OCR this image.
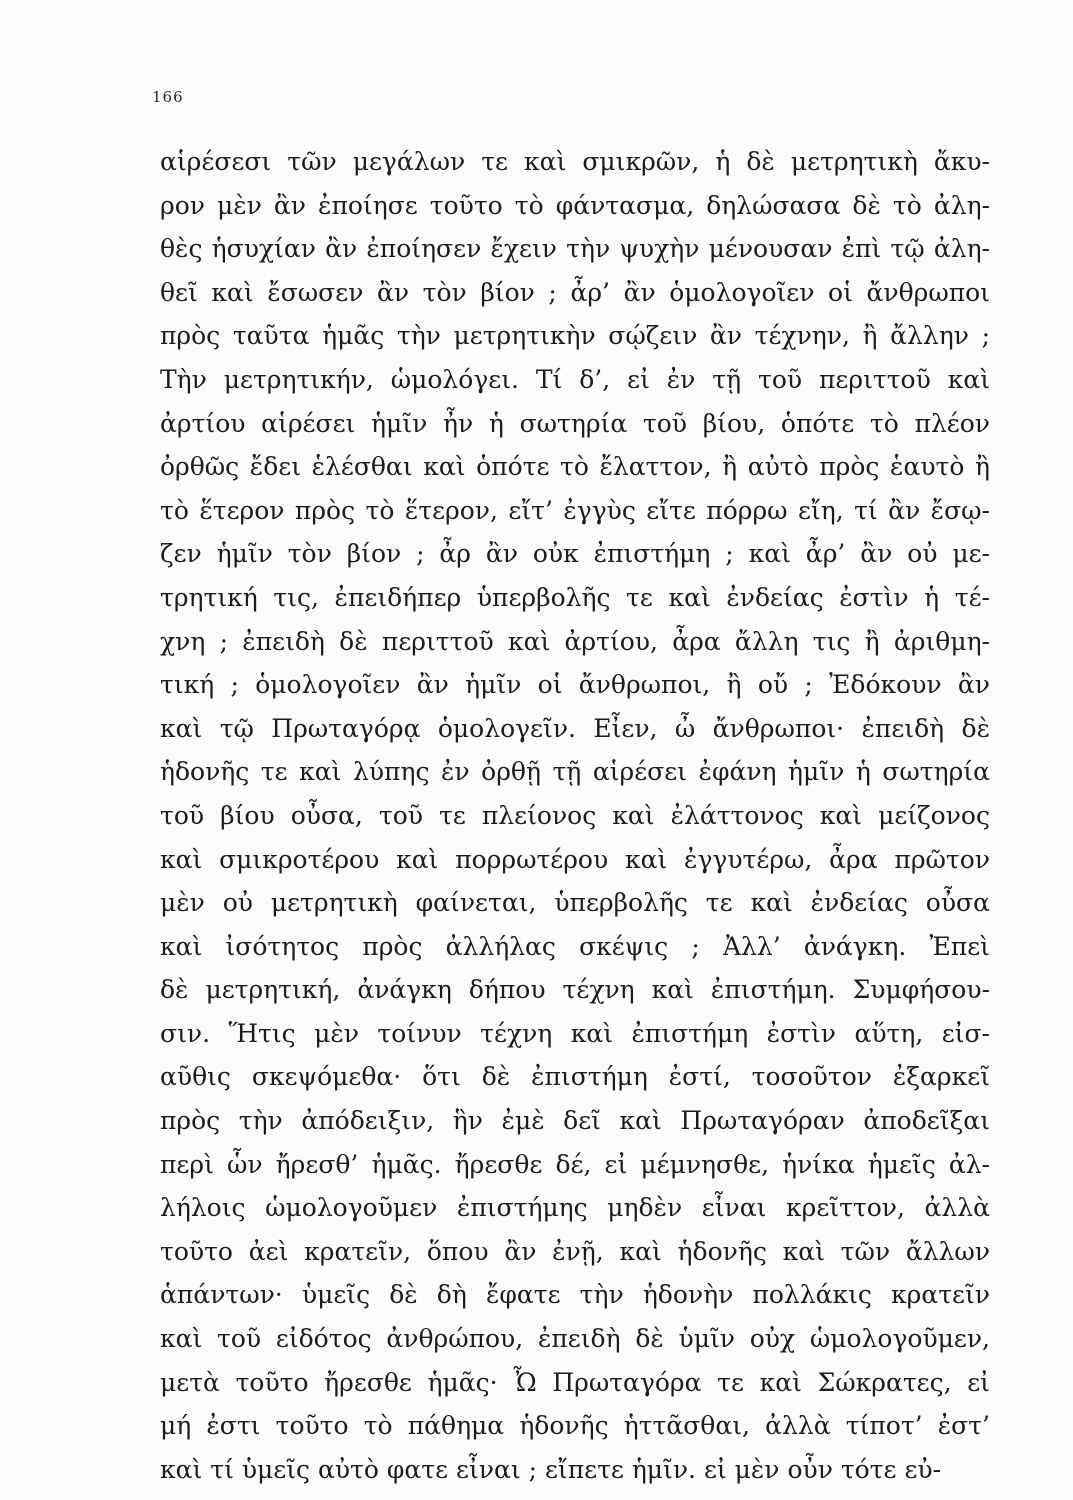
166
αἱρέσεσι τῶν μεγάλων τε καὶ σμικρῶν, ἡ δὲ μετρητικὴ ἄκυ-
ρον μὲν ἂν ἐποίησε τοῦτο τὸ φάντασμα, δηλώσασα δὲ τὸ ἀλη-
θὲς ἡσυχίαν ἂν ἐποίησεν ἔχειν τὴν ψυχὴν μένουσαν ἐπὶ τῷ ἀλη-
θεῖ καὶ ἔσωσεν ἂν τὸν βίον ; ἆρ’ ἂν ὁμολογοῖεν οἱ ἄνθρωποι
πρὸς ταῦτα ἡμᾶς τὴν μετρητικὴν σῴζειν ἂν τέχνην, ἢ ἄλλην ;
Τὴν μετρητικήν, ὡμολόγει. Τί δ’, εἰ ἐν τῇ τοῦ περιττοῦ καὶ
ἀρτίου αἱρέσει ἡμῖν ἦν ἡ σωτηρία τοῦ βίου, ὁπότε τὸ πλέον
ὀρθῶς ἔδει ἑλέσθαι καὶ ὁπότε τὸ ἔλαττον, ἢ αὐτὸ πρὸς ἑαυτὸ ἢ
τὸ ἕτερον πρὸς τὸ ἕτερον, εἴτ’ ἐγγὺς εἴτε πόρρω εἴη, τί ἂν ἔσῳ-
ζεν ἡμῖν τὸν βίον ; ἆρ ἂν οὐκ ἐπιστήμη ; καὶ ἆρ’ ἂν οὐ με-
τρητική τις, ἐπειδήπερ ὑπερβολῆς τε καὶ ἐνδείας ἐστὶν ἡ τέ-
χνη ; ἐπειδὴ δὲ περιττοῦ καὶ ἀρτίου, ἆρα ἄλλη τις ἢ ἀριθμη-
τική ; ὁμολογοῖεν ἂν ἡμῖν οἱ ἄνθρωποι, ἢ οὔ ; Ἐδόκουν ἂν
καὶ τῷ Πρωταγόρᾳ ὁμολογεῖν. Εἶεν, ὦ ἄνθρωποι· ἐπειδὴ δὲ
ἡδονῆς τε καὶ λύπης ἐν ὀρθῇ τῇ αἱρέσει ἐφάνη ἡμῖν ἡ σωτηρία
τοῦ βίου οὖσα, τοῦ τε πλείονος καὶ ἐλάττονος καὶ μείζονος
καὶ σμικροτέρου καὶ πορρωτέρου καὶ ἐγγυτέρω, ἆρα πρῶτον
μὲν οὐ μετρητικὴ φαίνεται, ὑπερβολῆς τε καὶ ἐνδείας οὖσα
καὶ ἰσότητος πρὸς ἀλλήλας σκέψις ; Ἀλλ’ ἀνάγκη. Ἐπεὶ
δὲ μετρητική, ἀνάγκη δήπου τέχνη καὶ ἐπιστήμη. Συμφήσου-
σιν. Ἥτις μὲν τοίνυν τέχνη καὶ ἐπιστήμη ἐστὶν αὕτη, εἰσ-
αῦθις σκεψόμεθα· ὅτι δὲ ἐπιστήμη ἐστί, τοσοῦτον ἐξαρκεῖ
πρὸς τὴν ἀπόδειξιν, ἣν ἐμὲ δεῖ καὶ Πρωταγόραν ἀποδεῖξαι
περὶ ὧν ἤρεσθ’ ἡμᾶς. ἤρεσθε δέ, εἰ μέμνησθε, ἡνίκα ἡμεῖς ἀλ-
λήλοις ὡμολογοῦμεν ἐπιστήμης μηδὲν εἶναι κρεῖττον, ἀλλὰ
τοῦτο ἀεὶ κρατεῖν, ὅπου ἂν ἐνῇ, καὶ ἡδονῆς καὶ τῶν ἄλλων
ἁπάντων· ὑμεῖς δὲ δὴ ἔφατε τὴν ἡδονὴν πολλάκις κρατεῖν
καὶ τοῦ εἰδότος ἀνθρώπου, ἐπειδὴ δὲ ὑμῖν οὐχ ὡμολογοῦμεν,
μετὰ τοῦτο ἤρεσθε ἡμᾶς· Ὦ Πρωταγόρα τε καὶ Σώκρατες, εἰ
μή ἐστι τοῦτο τὸ πάθημα ἡδονῆς ἡττᾶσθαι, ἀλλὰ τίποτ’ ἐστ’
καὶ τί ὑμεῖς αὐτὸ φατε εἶναι ; εἴπετε ἡμῖν. εἰ μὲν οὖν τότε εὐ-
